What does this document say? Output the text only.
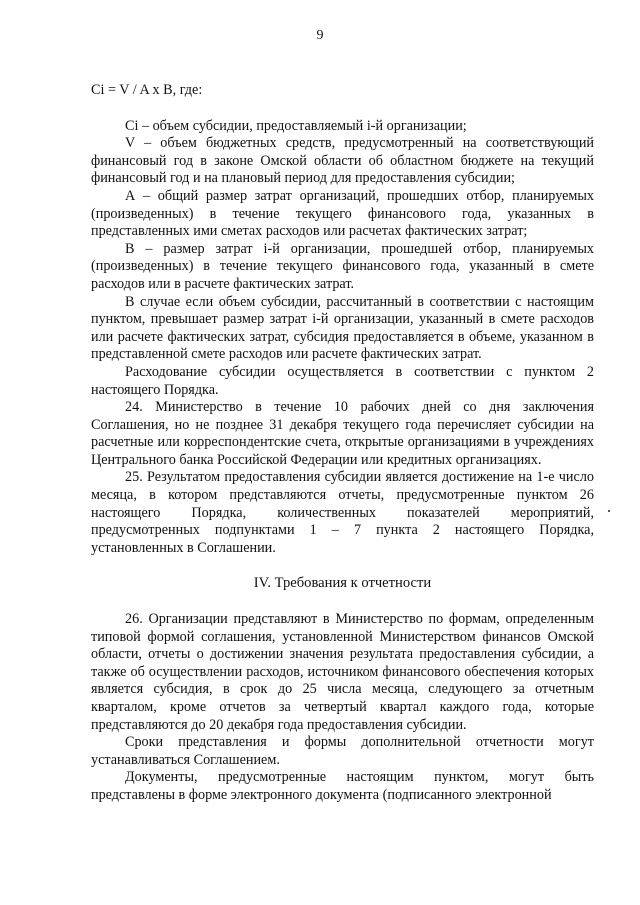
9

Ci = V / A x B, где:

Ci – объем субсидии, предоставляемый i-й организации;

V – объем бюджетных средств, предусмотренный на соответствующий финансовый год в законе Омской области об областном бюджете на текущий финансовый год и на плановый период для предоставления субсидии;

А – общий размер затрат организаций, прошедших отбор, планируемых (произведенных) в течение текущего финансового года, указанных в представленных ими сметах расходов или расчетах фактических затрат;

В – размер затрат i-й организации, прошедшей отбор, планируемых (произведенных) в течение текущего финансового года, указанный в смете расходов или в расчете фактических затрат.

В случае если объем субсидии, рассчитанный в соответствии с настоящим пунктом, превышает размер затрат i-й организации, указанный в смете расходов или расчете фактических затрат, субсидия предоставляется в объеме, указанном в представленной смете расходов или расчете фактических затрат.

Расходование субсидии осуществляется в соответствии с пунктом 2 настоящего Порядка.

24. Министерство в течение 10 рабочих дней со дня заключения Соглашения, но не позднее 31 декабря текущего года перечисляет субсидии на расчетные или корреспондентские счета, открытые организациями в учреждениях Центрального банка Российской Федерации или кредитных организациях.

25. Результатом предоставления субсидии является достижение на 1-е число месяца, в котором представляются отчеты, предусмотренные пунктом 26 настоящего Порядка, количественных показателей мероприятий, предусмотренных подпунктами 1 – 7 пункта 2 настоящего Порядка, установленных в Соглашении.

IV. Требования к отчетности

26. Организации представляют в Министерство по формам, определенным типовой формой соглашения, установленной Министерством финансов Омской области, отчеты о достижении значения результата предоставления субсидии, а также об осуществлении расходов, источником финансового обеспечения которых является субсидия, в срок до 25 числа месяца, следующего за отчетным кварталом, кроме отчетов за четвертый квартал каждого года, которые представляются до 20 декабря года предоставления субсидии.

Сроки представления и формы дополнительной отчетности могут устанавливаться Соглашением.

Документы, предусмотренные настоящим пунктом, могут быть представлены в форме электронного документа (подписанного электронной
